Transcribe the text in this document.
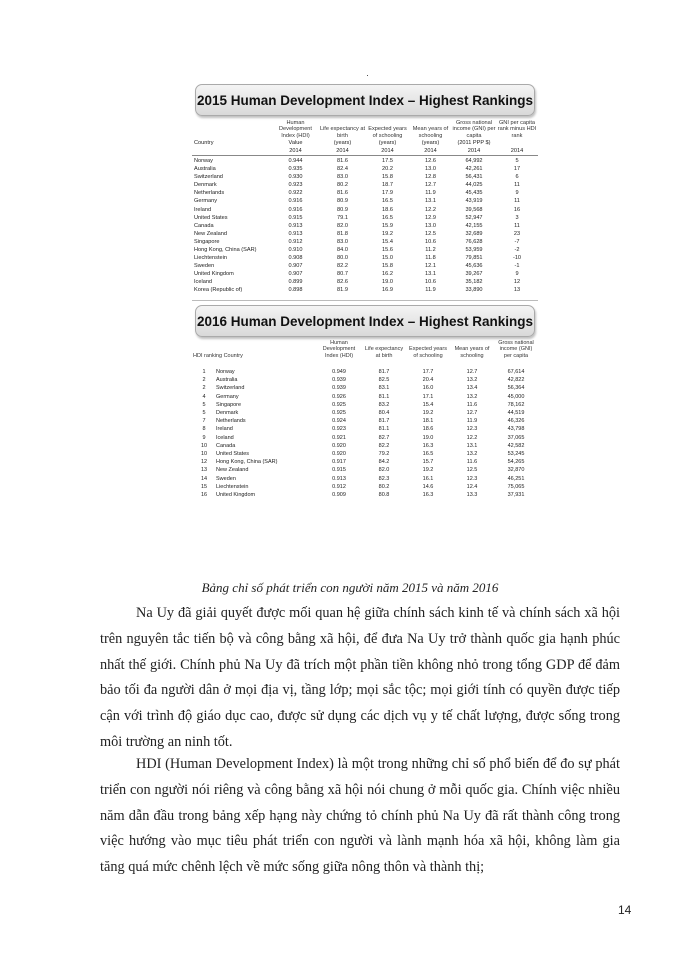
·
2015 Human Development Index – Highest Rankings
	Human Development Index (HDI)	Life expectancy at birth	Expected years of schooling	Mean years of schooling	Gross national income (GNI) per capita	GNI per capita rank minus HDI rank
Country	Value	(years)	(years)	(years)	(2011 PPP $)	
	2014	2014	2014	2014	2014	2014
Norway	0.944	81.6	17.5	12.6	64,992	5
Australia	0.935	82.4	20.2	13.0	42,261	17
Switzerland	0.930	83.0	15.8	12.8	56,431	6
Denmark	0.923	80.2	18.7	12.7	44,025	11
Netherlands	0.922	81.6	17.9	11.9	45,435	9
Germany	0.916	80.9	16.5	13.1	43,919	11
Ireland	0.916	80.9	18.6	12.2	39,568	16
United States	0.915	79.1	16.5	12.9	52,947	3
Canada	0.913	82.0	15.9	13.0	42,155	11
New Zealand	0.913	81.8	19.2	12.5	32,689	23
Singapore	0.912	83.0	15.4	10.6	76,628	-7
Hong Kong, China (SAR)	0.910	84.0	15.6	11.2	53,959	-2
Liechtenstein	0.908	80.0	15.0	11.8	79,851	-10
Sweden	0.907	82.2	15.8	12.1	45,636	-1
United Kingdom	0.907	80.7	16.2	13.1	39,267	9
Iceland	0.899	82.6	19.0	10.6	35,182	12
Korea (Republic of)	0.898	81.9	16.9	11.9	33,890	13
2016 Human Development Index – Highest Rankings
HDI ranking Country		Human Development Index (HDI)	Life expectancy at birth	Expected years of schooling	Mean years of schooling	Gross national income (GNI) per capita
1	Norway	0.949	81.7	17.7	12.7	67,614
2	Australia	0.939	82.5	20.4	13.2	42,822
2	Switzerland	0.939	83.1	16.0	13.4	56,364
4	Germany	0.926	81.1	17.1	13.2	45,000
5	Singapore	0.925	83.2	15.4	11.6	78,162
5	Denmark	0.925	80.4	19.2	12.7	44,519
7	Netherlands	0.924	81.7	18.1	11.9	46,326
8	Ireland	0.923	81.1	18.6	12.3	43,798
9	Iceland	0.921	82.7	19.0	12.2	37,065
10	Canada	0.920	82.2	16.3	13.1	42,582
10	United States	0.920	79.2	16.5	13.2	53,245
12	Hong Kong, China (SAR)	0.917	84.2	15.7	11.6	54,265
13	New Zealand	0.915	82.0	19.2	12.5	32,870
14	Sweden	0.913	82.3	16.1	12.3	46,251
15	Liechtenstein	0.912	80.2	14.6	12.4	75,065
16	United Kingdom	0.909	80.8	16.3	13.3	37,931
Bảng chỉ số phát triển con người năm 2015 và năm 2016
Na Uy đã giải quyết được mối quan hệ giữa chính sách kinh tế và chính sách xã hội trên nguyên tắc tiến bộ và công bằng xã hội, để đưa Na Uy trở thành quốc gia hạnh phúc nhất thế giới. Chính phủ Na Uy đã trích một phần tiền không nhỏ trong tổng GDP để đảm bảo tối đa người dân ở mọi địa vị, tầng lớp; mọi sắc tộc; mọi giới tính có quyền được tiếp cận với trình độ giáo dục cao, được sử dụng các dịch vụ y tế chất lượng, được sống trong môi trường an ninh tốt.
HDI (Human Development Index) là một trong những chỉ số phổ biến để đo sự phát triển con người nói riêng và công bằng xã hội nói chung ở mỗi quốc gia. Chính việc nhiều năm dẫn đầu trong bảng xếp hạng này chứng tỏ chính phủ Na Uy đã rất thành công trong việc hướng vào mục tiêu phát triển con người và lành mạnh hóa xã hội, không làm gia tăng quá mức chênh lệch về mức sống giữa nông thôn và thành thị;
14
